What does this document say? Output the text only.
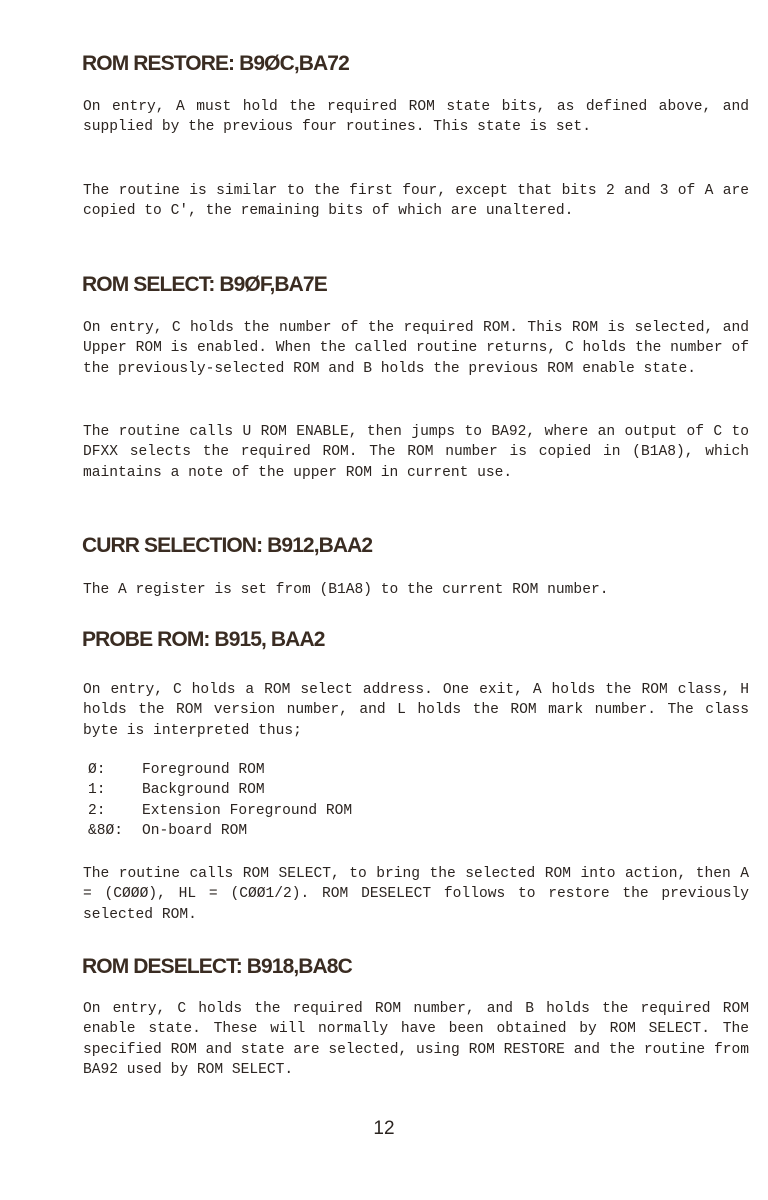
ROM RESTORE: B9ØC,BA72

On entry, A must hold the required ROM state bits, as defined above, and supplied by the previous four routines. This state is set.

The routine is similar to the first four, except that bits 2 and 3 of A are copied to C', the remaining bits of which are unaltered.

ROM SELECT: B9ØF,BA7E

On entry, C holds the number of the required ROM. This ROM is selected, and Upper ROM is enabled. When the called routine returns, C holds the number of the previously-selected ROM and B holds the previous ROM enable state.

The routine calls U ROM ENABLE, then jumps to BA92, where an output of C to DFXX selects the required ROM. The ROM number is copied in (B1A8), which maintains a note of the upper ROM in current use.

CURR SELECTION: B912,BAA2

The A register is set from (B1A8) to the current ROM number.

PROBE ROM: B915, BAA2

On entry, C holds a ROM select address. One exit, A holds the ROM class, H holds the ROM version number, and L holds the ROM mark number. The class byte is interpreted thus;

Ø:	Foreground ROM
1:	Background ROM
2:	Extension Foreground ROM
&8Ø:	On-board ROM

The routine calls ROM SELECT, to bring the selected ROM into action, then A = (CØØØ), HL = (CØØ1/2). ROM DESELECT follows to restore the previously selected ROM.

ROM DESELECT: B918,BA8C

On entry, C holds the required ROM number, and B holds the required ROM enable state. These will normally have been obtained by ROM SELECT. The specified ROM and state are selected, using ROM RESTORE and the routine from BA92 used by ROM SELECT.

12
